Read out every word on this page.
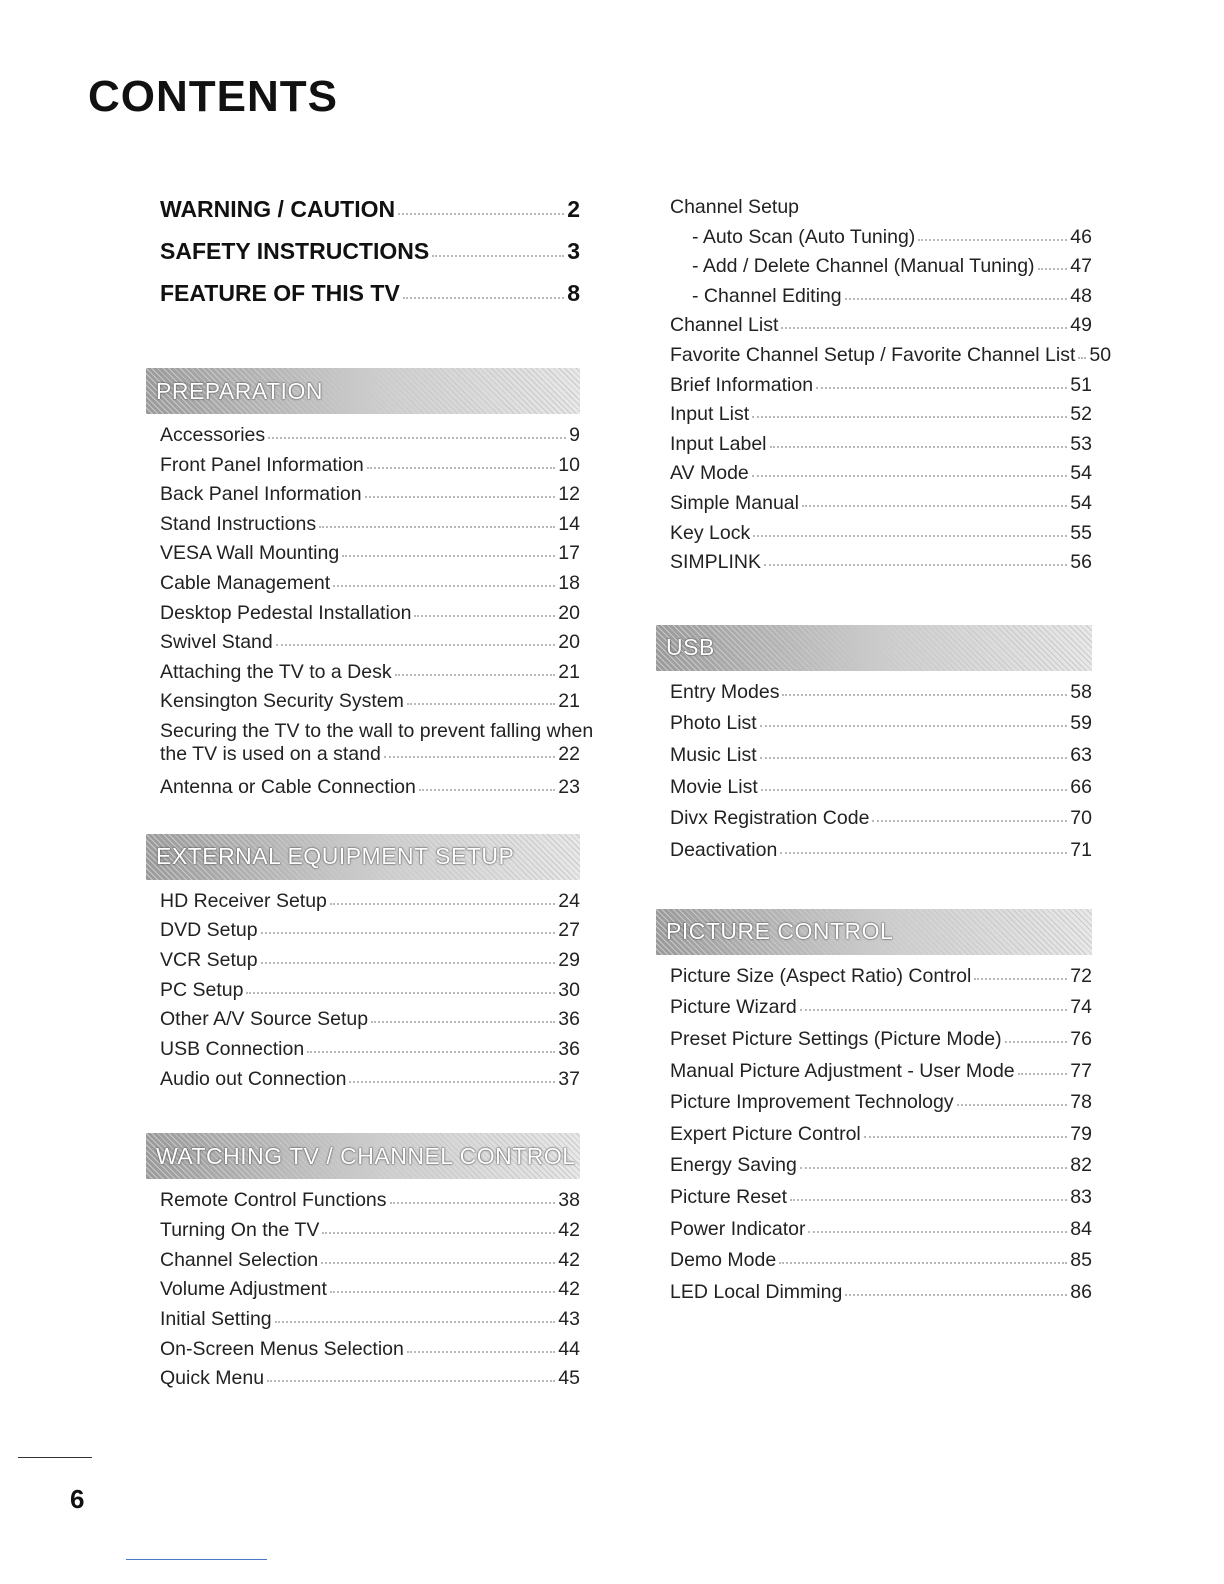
CONTENTS
WARNING / CAUTION	2
SAFETY INSTRUCTIONS	3
FEATURE OF THIS TV	8
PREPARATION
Accessories	9
Front Panel Information	10
Back Panel Information	12
Stand Instructions	14
VESA Wall Mounting	17
Cable Management	18
Desktop Pedestal Installation	20
Swivel Stand	20
Attaching the TV to a Desk	21
Kensington Security System	21
Securing the TV to the wall to prevent falling when
the TV is used on a stand	22
Antenna or Cable Connection	23
EXTERNAL EQUIPMENT SETUP
HD Receiver Setup	24
DVD Setup	27
VCR Setup	29
PC Setup	30
Other A/V Source Setup	36
USB Connection	36
Audio out Connection	37
WATCHING TV / CHANNEL CONTROL
Remote Control Functions	38
Turning On the TV	42
Channel Selection	42
Volume Adjustment	42
Initial Setting	43
On-Screen Menus Selection	44
Quick Menu	45
Channel Setup
- Auto Scan (Auto Tuning)	46
- Add / Delete Channel (Manual Tuning) 47
- Channel Editing	48
Channel List	49
Favorite Channel Setup / Favorite Channel List 50
Brief Information	51
Input List	52
Input Label	53
AV Mode	54
Simple Manual	54
Key Lock	55
SIMPLINK	56
USB
Entry Modes	58
Photo List	59
Music List	63
Movie List	66
Divx Registration Code	70
Deactivation	71
PICTURE CONTROL
Picture Size (Aspect Ratio) Control	72
Picture Wizard	74
Preset Picture Settings (Picture Mode)	76
Manual Picture Adjustment - User Mode	77
Picture Improvement Technology	78
Expert Picture Control	79
Energy Saving	82
Picture Reset	83
Power Indicator	84
Demo Mode	85
LED Local Dimming	86
6
